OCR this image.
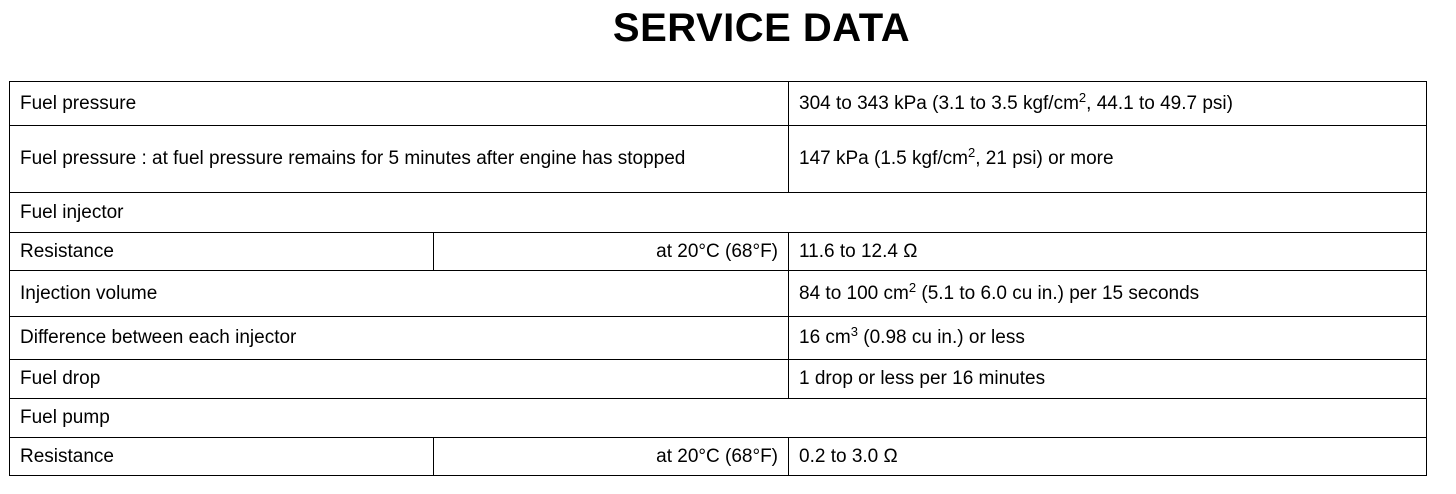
SERVICE DATA
Fuel pressure		304 to 343 kPa (3.1 to 3.5 kgf/$cm^2$, 44.1 to 49.7 psi)
Fuel pressure : at fuel pressure remains for 5 minutes after engine has stopped		147 kPa (1.5 kgf/$cm^2$, 21 psi) or more
Fuel injector		
Resistance	at 20°C (68°F)	11.6 to 12.4 Ω
Injection volume		84 to 100 $cm^2$ (5.1 to 6.0 cu in.) per 15 seconds
Difference between each injector		16 $cm^3$ (0.98 cu in.) or less
Fuel drop		1 drop or less per 16 minutes
Fuel pump		
Resistance	at 20°C (68°F)	0.2 to 3.0 Ω
